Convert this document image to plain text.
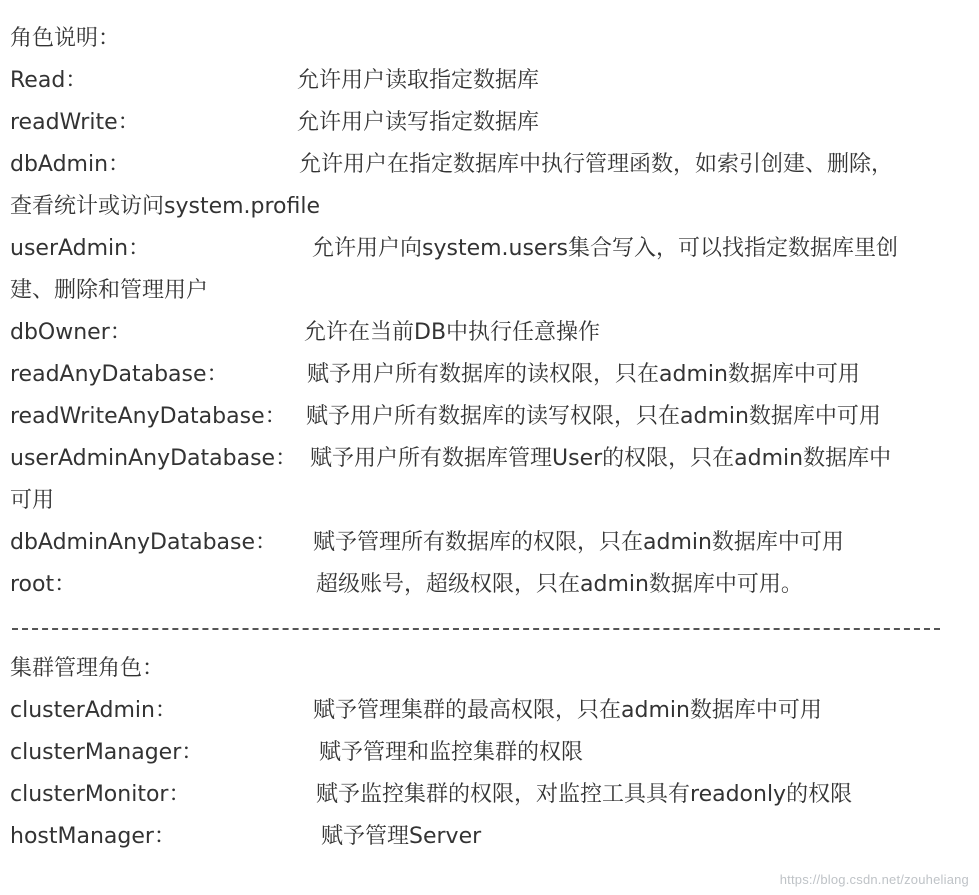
角色说明：
Read：	允许用户读取指定数据库
readWrite：	允许用户读写指定数据库
dbAdmin：	允许用户在指定数据库中执行管理函数，如索引创建、删除，
查看统计或访问system.profile
userAdmin：	允许用户向system.users集合写入，可以找指定数据库里创
建、删除和管理用户
dbOwner：	允许在当前DB中执行任意操作
readAnyDatabase：	赋予用户所有数据库的读权限，只在admin数据库中可用
readWriteAnyDatabase： 赋予用户所有数据库的读写权限，只在admin数据库中可用
userAdminAnyDatabase： 赋予用户所有数据库管理User的权限，只在admin数据库中
可用
dbAdminAnyDatabase： 赋予管理所有数据库的权限，只在admin数据库中可用
root：	超级账号，超级权限，只在admin数据库中可用。
集群管理角色：
clusterAdmin：	赋予管理集群的最高权限，只在admin数据库中可用
clusterManager：	赋予管理和监控集群的权限
clusterMonitor：	赋予监控集群的权限，对监控工具具有readonly的权限
hostManager：	赋予管理Server
https://blog.csdn.net/zouheliang
